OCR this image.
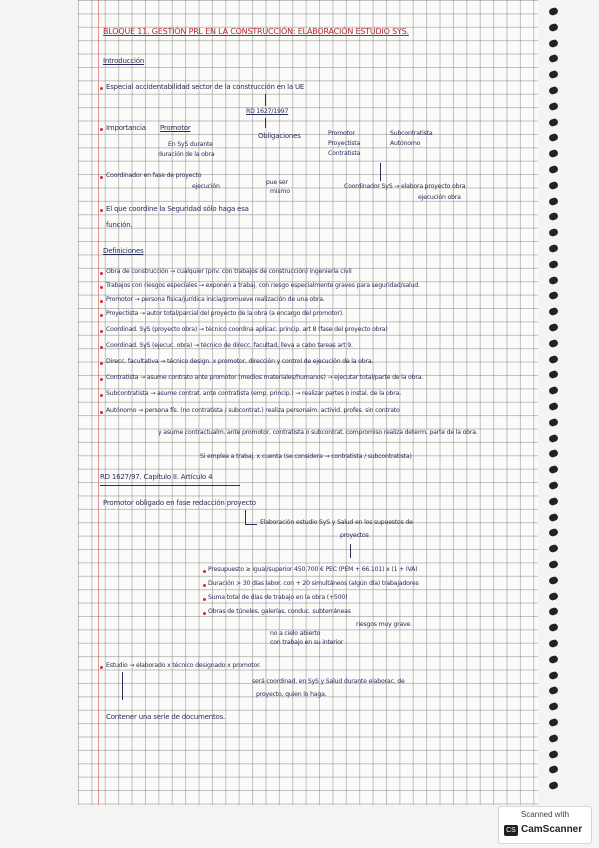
BLOQUE 11. GESTIÓN PRL EN LA CONSTRUCCIÓN: ELABORACIÓN ESTUDIO SYS.
Introducción
Especial accidentabilidad sector de la construcción en la UE
RD 1627/1997
Importancia Promotor
Obligaciones	Promotor
Proyectista
Contratista
Subcontratista
Autónomo
En SyS durante
duración de la obra
Coordinador en fase de proyecto
ejecución
pue ser
mismo
Coordinador SyS → elabora proyecto obra
ejecución obra
El que coordine la Seguridad sólo haga esa
función.
Definiciones
Obra de construcción → cualquier (priv. con trabajos de construcción) ingeniería civil
Trabajos con riesgos especiales → exponen a trabaj. con riesgo especialmente graves para seguridad/salud.
Promotor → persona física/jurídica inicia/promueve realización de una obra.
Proyectista → autor total/parcial del proyecto de la obra (a encargo del promotor).
Coordinad. SyS (proyecto obra) → técnico coordina aplicac. princip. art 8 (fase del proyecto obra)
Coordinad. SyS (ejecuc. obra) → técnico de direcc. facultad, lleva a cabo tareas art 9.
Direcc. facultativa → técnico design. x promotor, dirección y control de ejecución de la obra.
Contratista → asume contrato ante promotor (medios materiales/humanos) → ejecutar total/parte de la obra.
Subcontratista → asume contrat. ante contratista (emp. princip.) → realizar partes o instal. de la obra.
Autónomo → persona fís. (no contratista / subcontrat.) realiza personalm. activid. profes. sin contrato
y asume contractualm. ante promotor, contratista o subcontrat. compromiso realiza determ. parte de la obra.
Si emplea a trabaj. x cuenta (se considera → contratista / subcontratista)
RD 1627/97. Capítulo II. Artículo 4
Promotor obligado en fase redacción proyecto
Elaboración estudio SyS y Salud en los supuestos de
proyectos
Presupuesto ≥ igual/superior 450.700 € PEC (PEM + 66.101) x (1 + IVA)
Duración > 30 días labor. con + 20 simultáneos (algún día) trabajadores
Suma total de días de trabajo en la obra (+500)
Obras de túneles, galerías, conduc. subterráneas
riesgos muy grave.
no a cielo abierto
con trabajo en su interior
Estudio → elaborado x técnico designado x promotor.
será coordinad. en SyS y Salud durante elaborac. de
proyecto, quien lo haga.
Contener una serie de documentos.
Scanned with
CS CamScanner
